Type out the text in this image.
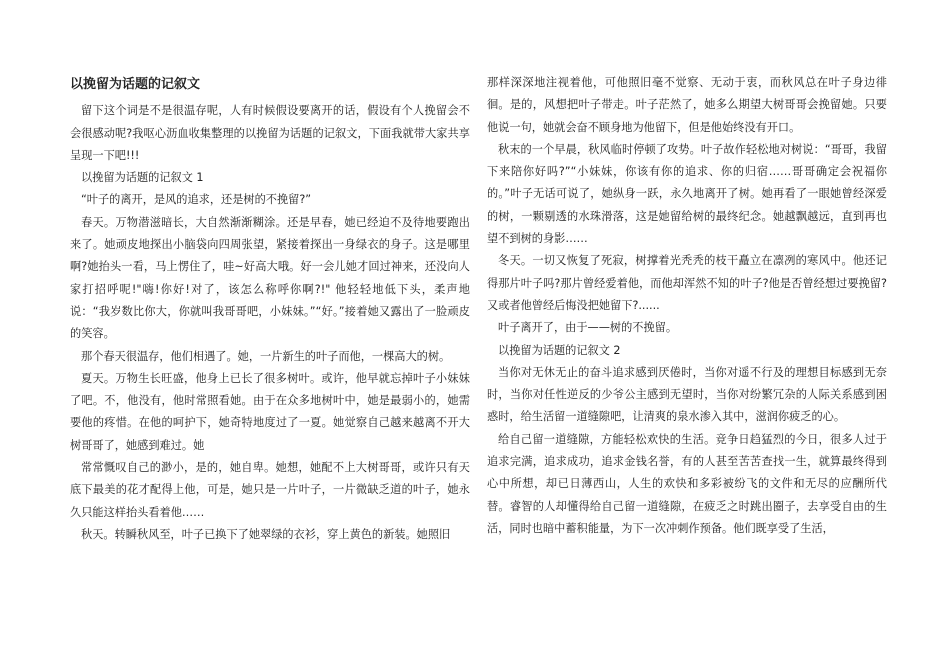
以挽留为话题的记叙文

留下这个词是不是很温存呢，人有时候假设要离开的话，假设有个人挽留会不会很感动呢?我呕心沥血收集整理的以挽留为话题的记叙文，下面我就带大家共享呈现一下吧!!!

以挽留为话题的记叙文 1

“叶子的离开，是风的追求，还是树的不挽留?”

春天。万物潜滋暗长，大自然渐渐糊涂。还是早春，她已经迫不及待地要跑出来了。她顽皮地探出小脑袋向四周张望，紧接着探出一身绿衣的身子。这是哪里啊?她抬头一看，马上愣住了，哇~好高大哦。好一会儿她才回过神来，还没向人家打招呼呢!"嗨!你好!对了，该怎么称呼你啊?!" 他轻轻地低下头，柔声地说：“我岁数比你大，你就叫我哥哥吧，小妹妹。”“好。”接着她又露出了一脸顽皮的笑容。

那个春天很温存，他们相遇了。她，一片新生的叶子而他，一棵高大的树。

夏天。万物生长旺盛，他身上已长了很多树叶。或许，他早就忘掉叶子小妹妹了吧。不，他没有，他时常照看她。由于在众多地树叶中，她是最弱小的，她需要他的疼惜。在他的呵护下，她奇特地度过了一夏。她觉察自己越来越离不开大树哥哥了，她感到难过。她

常常慨叹自己的渺小，是的，她自卑。她想，她配不上大树哥哥，或许只有天底下最美的花才配得上他，可是，她只是一片叶子，一片微缺乏道的叶子，她永久只能这样抬头看着他……

秋天。转瞬秋风至，叶子已换下了她翠绿的衣衫，穿上黄色的新装。她照旧

那样深深地注视着他，可他照旧毫不觉察、无动于衷，而秋风总在叶子身边徘徊。是的，风想把叶子带走。叶子茫然了，她多么期望大树哥哥会挽留她。只要他说一句，她就会奋不顾身地为他留下，但是他始终没有开口。

秋末的一个早晨，秋风临时停顿了攻势。叶子故作轻松地对树说：“哥哥，我留下来陪你好吗?”“小妹妹，你该有你的追求、你的归宿……哥哥确定会祝福你的。”叶子无话可说了，她纵身一跃，永久地离开了树。她再看了一眼她曾经深爱的树，一颗剔透的水珠滑落，这是她留给树的最终纪念。她越飘越远，直到再也望不到树的身影……

冬天。一切又恢复了死寂，树撑着光秃秃的枝干矗立在凛冽的寒风中。他还记得那片叶子吗?那片曾经爱着他，而他却浑然不知的叶子?他是否曾经想过要挽留?又或者他曾经后悔没把她留下?......

叶子离开了，由于——树的不挽留。

以挽留为话题的记叙文 2

当你对无休无止的奋斗追求感到厌倦时，当你对遥不行及的理想目标感到无奈时，当你对任性逆反的少爷公主感到无望时，当你对纷繁冗杂的人际关系感到困惑时，给生活留一道缝隙吧，让清爽的泉水渗入其中，滋润你疲乏的心。

给自己留一道缝隙，方能轻松欢快的生活。竞争日趋猛烈的今日，很多人过于追求完满，追求成功，追求金钱名誉，有的人甚至苦苦查找一生，就算最终得到心中所想，却已日薄西山，人生的欢快和多彩被纷飞的文件和无尽的应酬所代替。睿智的人却懂得给自己留一道缝隙，在疲乏之时跳出圈子，去享受自由的生活，同时也暗中蓄积能量，为下一次冲刺作预备。他们既享受了生活，
